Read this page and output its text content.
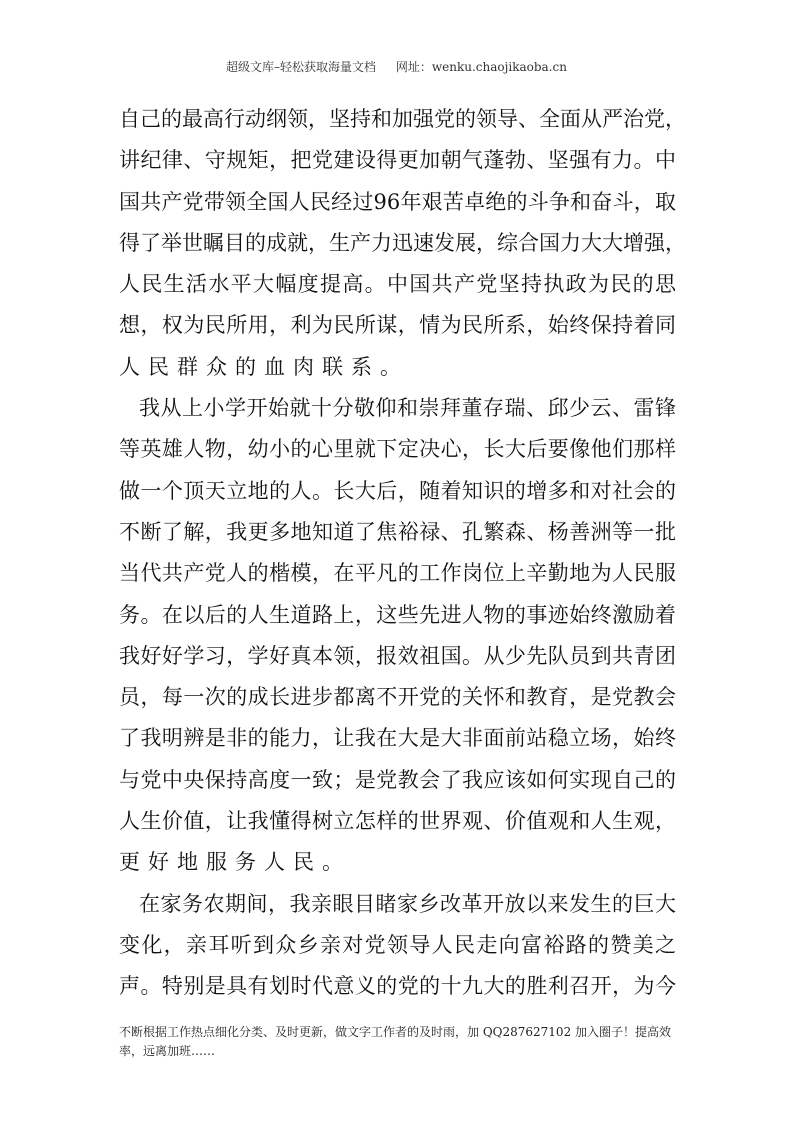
超级文库–轻松获取海量文档 网址：wenku.chaojikaoba.cn
自己的最高行动纲领，坚持和加强党的领导、全面从严治党，
讲纪律、守规矩，把党建设得更加朝气蓬勃、坚强有力。中
国共产党带领全国人民经过96年艰苦卓绝的斗争和奋斗，取
得了举世瞩目的成就，生产力迅速发展，综合国力大大增强，
人民生活水平大幅度提高。中国共产党坚持执政为民的思
想，权为民所用，利为民所谋，情为民所系，始终保持着同
人民群众的血肉联系。
我从上小学开始就十分敬仰和崇拜董存瑞、邱少云、雷锋
等英雄人物，幼小的心里就下定决心，长大后要像他们那样
做一个顶天立地的人。长大后，随着知识的增多和对社会的
不断了解，我更多地知道了焦裕禄、孔繁森、杨善洲等一批
当代共产党人的楷模，在平凡的工作岗位上辛勤地为人民服
务。在以后的人生道路上，这些先进人物的事迹始终激励着
我好好学习，学好真本领，报效祖国。从少先队员到共青团
员，每一次的成长进步都离不开党的关怀和教育，是党教会
了我明辨是非的能力，让我在大是大非面前站稳立场，始终
与党中央保持高度一致；是党教会了我应该如何实现自己的
人生价值，让我懂得树立怎样的世界观、价值观和人生观，
更好地服务人民。
在家务农期间，我亲眼目睹家乡改革开放以来发生的巨大
变化，亲耳听到众乡亲对党领导人民走向富裕路的赞美之
声。特别是具有划时代意义的党的十九大的胜利召开，为今
不断根据工作热点细化分类、及时更新，做文字工作者的及时雨，加 QQ287627102 加入圈子！提高效率，远离加班……
